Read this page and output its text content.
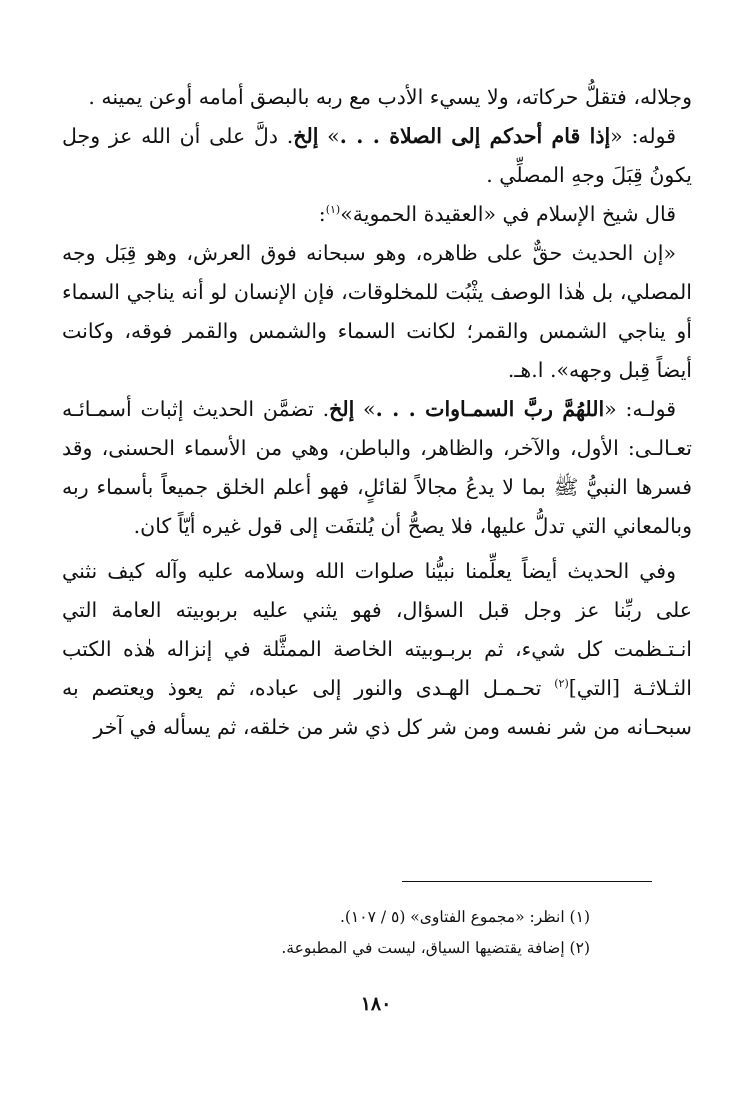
وجلاله، فتقلُّ حركاته، ولا يسيء الأدب مع ربه بالبصق أمامه أوعن يمينه .

قوله: «إذا قام أحدكم إلى الصلاة . . .» إلخ. دلَّ على أن الله عز وجل يكونُ قِبَلَ وجهِ المصلِّي .

قال شيخ الإسلام في «العقيدة الحموية»$^{(١)}$:

«إن الحديث حقٌّ على ظاهره، وهو سبحانه فوق العرش، وهو قِبَل وجه المصلي، بل هٰذا الوصف يثْبُت للمخلوقات، فإن الإنسان لو أنه يناجي السماء أو يناجي الشمس والقمر؛ لكانت السماء والشمس والقمر فوقه، وكانت أيضاً قِبل وجهه». ا.هـ.

قولـه: «اللهُمَّ ربَّ السمـاوات . . .» إلخ. تضمَّن الحديث إثبات أسمـائـه تعـالـى: الأول، والآخر، والظاهر، والباطن، وهي من الأسماء الحسنى، وقد فسرها النبيُّ ﷺ بما لا يدعُ مجالاً لقائلٍ، فهو أعلم الخلق جميعاً بأسماء ربه وبالمعاني التي تدلُّ عليها، فلا يصحُّ أن يُلتفَت إلى قول غيره أيّاً كان.

وفي الحديث أيضاً يعلِّمنا نبيُّنا صلوات الله وسلامه عليه وآله كيف نثني على ربِّنا عز وجل قبل السؤال، فهو يثني عليه بربوبيته العامة التي انـتـظمت كل شيء، ثم بربـوبيته الخاصة الممثَّلة في إنزاله هٰذه الكتب الثـلاثـة [التي]$^{(٢)}$ تحـمـل الهـدى والنور إلى عباده، ثم يعوذ ويعتصم به سبحـانه من شر نفسه ومن شر كل ذي شر من خلقه، ثم يسأله في آخر

(١) انظر: «مجموع الفتاوى» (٥ / ١٠٧).

(٢) إضافة يقتضيها السياق، ليست في المطبوعة.

١٨٠
